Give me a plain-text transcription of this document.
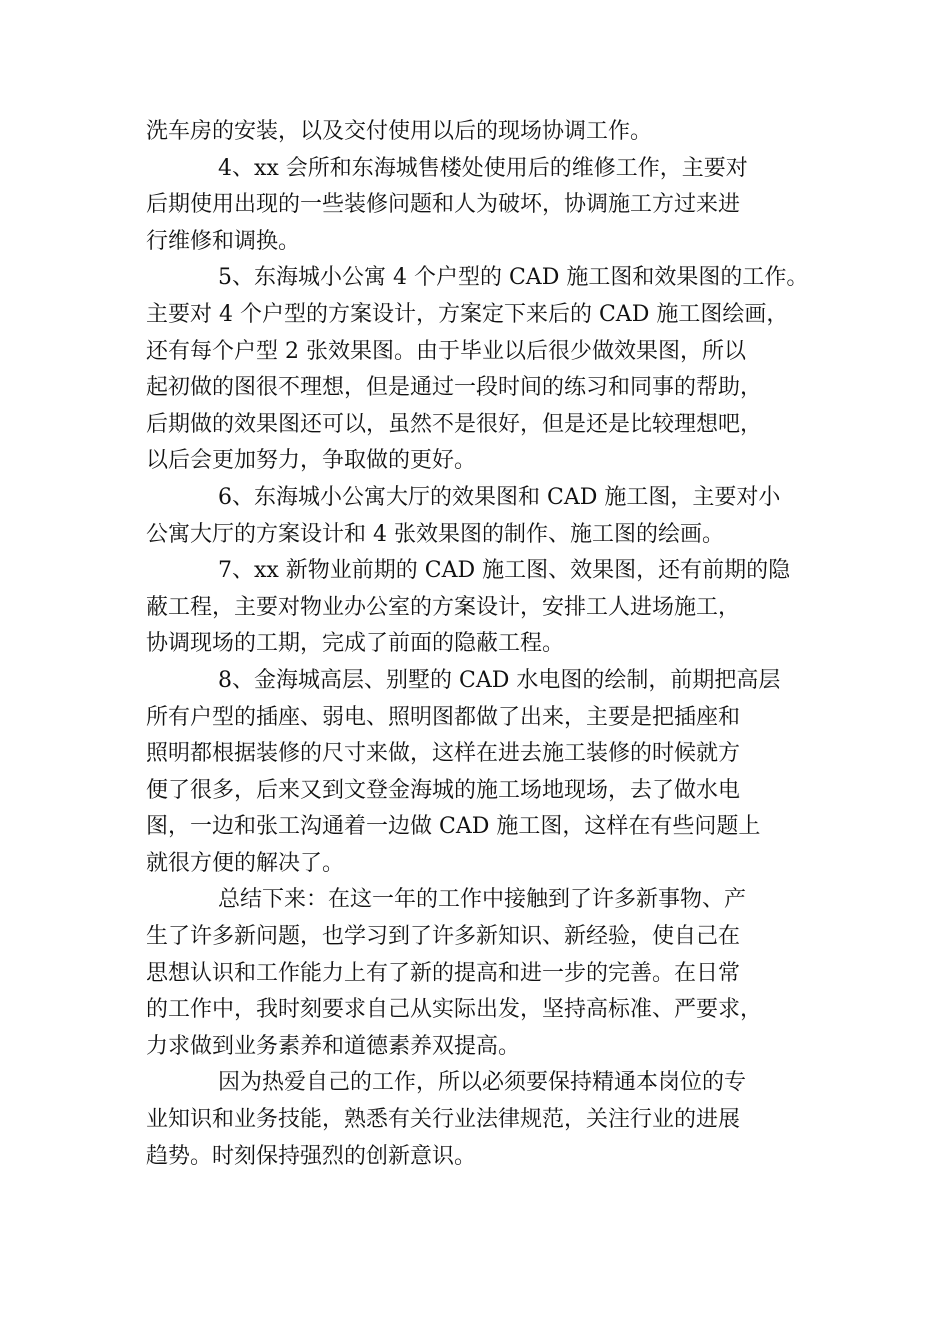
洗车房的安装，以及交付使用以后的现场协调工作。
4、xx 会所和东海城售楼处使用后的维修工作，主要对
后期使用出现的一些装修问题和人为破坏，协调施工方过来进
行维修和调换。
5、东海城小公寓 4 个户型的 CAD 施工图和效果图的工作。
主要对 4 个户型的方案设计，方案定下来后的 CAD 施工图绘画，
还有每个户型 2 张效果图。由于毕业以后很少做效果图，所以
起初做的图很不理想，但是通过一段时间的练习和同事的帮助，
后期做的效果图还可以，虽然不是很好，但是还是比较理想吧，
以后会更加努力，争取做的更好。
6、东海城小公寓大厅的效果图和 CAD 施工图，主要对小
公寓大厅的方案设计和 4 张效果图的制作、施工图的绘画。
7、xx 新物业前期的 CAD 施工图、效果图，还有前期的隐
蔽工程，主要对物业办公室的方案设计，安排工人进场施工，
协调现场的工期，完成了前面的隐蔽工程。
8、金海城高层、别墅的 CAD 水电图的绘制，前期把高层
所有户型的插座、弱电、照明图都做了出来，主要是把插座和
照明都根据装修的尺寸来做，这样在进去施工装修的时候就方
便了很多，后来又到文登金海城的施工场地现场，去了做水电
图，一边和张工沟通着一边做 CAD 施工图，这样在有些问题上
就很方便的解决了。
总结下来：在这一年的工作中接触到了许多新事物、产
生了许多新问题，也学习到了许多新知识、新经验，使自己在
思想认识和工作能力上有了新的提高和进一步的完善。在日常
的工作中，我时刻要求自己从实际出发，坚持高标准、严要求，
力求做到业务素养和道德素养双提高。
因为热爱自己的工作，所以必须要保持精通本岗位的专
业知识和业务技能，熟悉有关行业法律规范，关注行业的进展
趋势。时刻保持强烈的创新意识。
